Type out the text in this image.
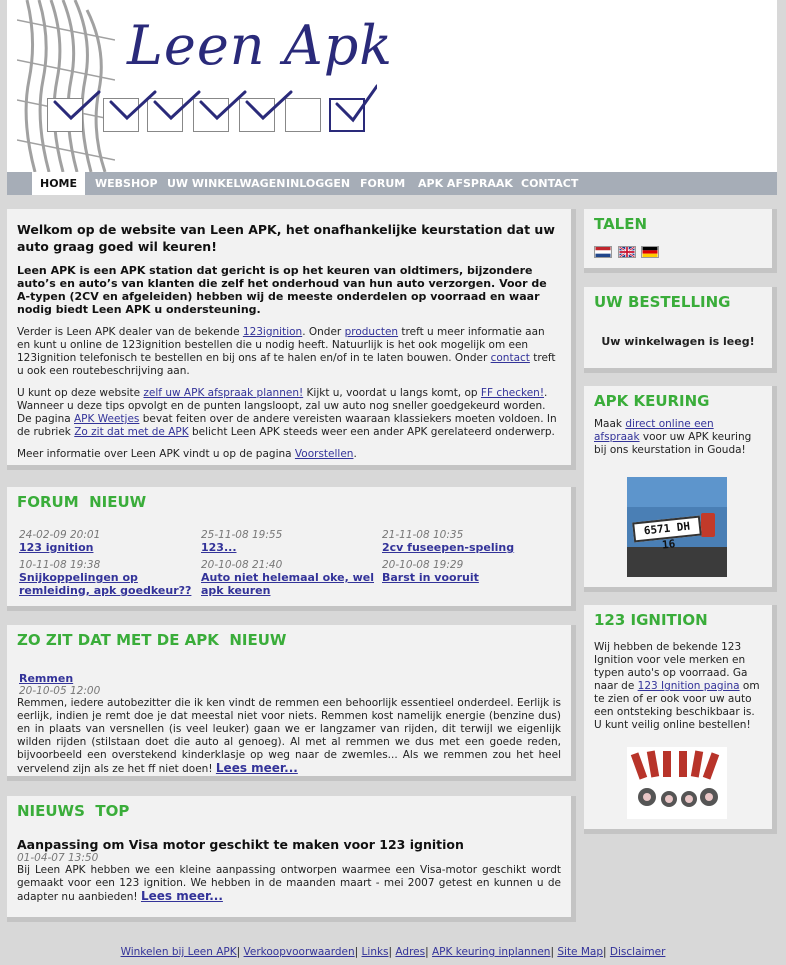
Leen Apk
HOME	WEBSHOP UW WINKELWAGEN INLOGGEN FORUM APK AFSPRAAK CONTACT
Welkom op de website van Leen APK, het onafhankelijke keurstation dat uw auto graag goed wil keuren!
Leen APK is een APK station dat gericht is op het keuren van oldtimers, bijzondere auto’s en auto’s van klanten die zelf het onderhoud van hun auto verzorgen. Voor de A-typen (2CV en afgeleiden) hebben wij de meeste onderdelen op voorraad en waar nodig biedt Leen APK u ondersteuning.
Verder is Leen APK dealer van de bekende 123ignition. Onder producten treft u meer informatie aan en kunt u online de 123ignition bestellen die u nodig heeft. Natuurlijk is het ook mogelijk om een 123ignition telefonisch te bestellen en bij ons af te halen en/of in te laten bouwen. Onder contact treft u ook een routebeschrijving aan.
U kunt op deze website zelf uw APK afspraak plannen! Kijkt u, voordat u langs komt, op FF checken!. Wanneer u deze tips opvolgt en de punten langsloopt, zal uw auto nog sneller goedgekeurd worden. De pagina APK Weetjes bevat feiten over de andere vereisten waaraan klassiekers moeten voldoen. In de rubriek Zo zit dat met de APK belicht Leen APK steeds weer een ander APK gerelateerd onderwerp.
Meer informatie over Leen APK vindt u op de pagina Voorstellen.
FORUM  NIEUW
24-02-09 20:01
123 ignition
25-11-08 19:55
123...
21-11-08 10:35
2cv fuseepen-speling
10-11-08 19:38
Snijkoppelingen op remleiding, apk goedkeur??
20-10-08 21:40
Auto niet helemaal oke, wel apk keuren
20-10-08 19:29
Barst in vooruit
ZO ZIT DAT MET DE APK  NIEUW
Remmen
20-10-05 12:00
Remmen, iedere autobezitter die ik ken vindt de remmen een behoorlijk essentieel onderdeel. Eerlijk is eerlijk, indien je remt doe je dat meestal niet voor niets. Remmen kost namelijk energie (benzine dus) en in plaats van versnellen (is veel leuker) gaan we er langzamer van rijden, dit terwijl we eigenlijk wilden rijden (stilstaan doet die auto al genoeg). Al met al remmen we dus met een goede reden, bijvoorbeeld een overstekend kinderklasje op weg naar de zwemles... Als we remmen zou het heel vervelend zijn als ze het ff niet doen! Lees meer...
NIEUWS  TOP
Aanpassing om Visa motor geschikt te maken voor 123 ignition
01-04-07 13:50
Bij Leen APK hebben we een kleine aanpassing ontworpen waarmee een Visa-motor geschikt wordt gemaakt voor een 123 ignition. We hebben in de maanden maart - mei 2007 getest en kunnen u de adapter nu aanbieden! Lees meer...
TALEN

UW BESTELLING
Uw winkelwagen is leeg!
APK KEURING
Maak direct online een afspraak voor uw APK keuring bij ons keurstation in Gouda!
6571 DH 16
123 IGNITION
Wij hebben de bekende 123 Ignition voor vele merken en typen auto's op voorraad. Ga naar de 123 Ignition pagina om te zien of er ook voor uw auto een ontsteking beschikbaar is. U kunt veilig online bestellen!
Winkelen bij Leen APK| Verkoopvoorwaarden| Links| Adres| APK keuring inplannen| Site Map| Disclaimer
